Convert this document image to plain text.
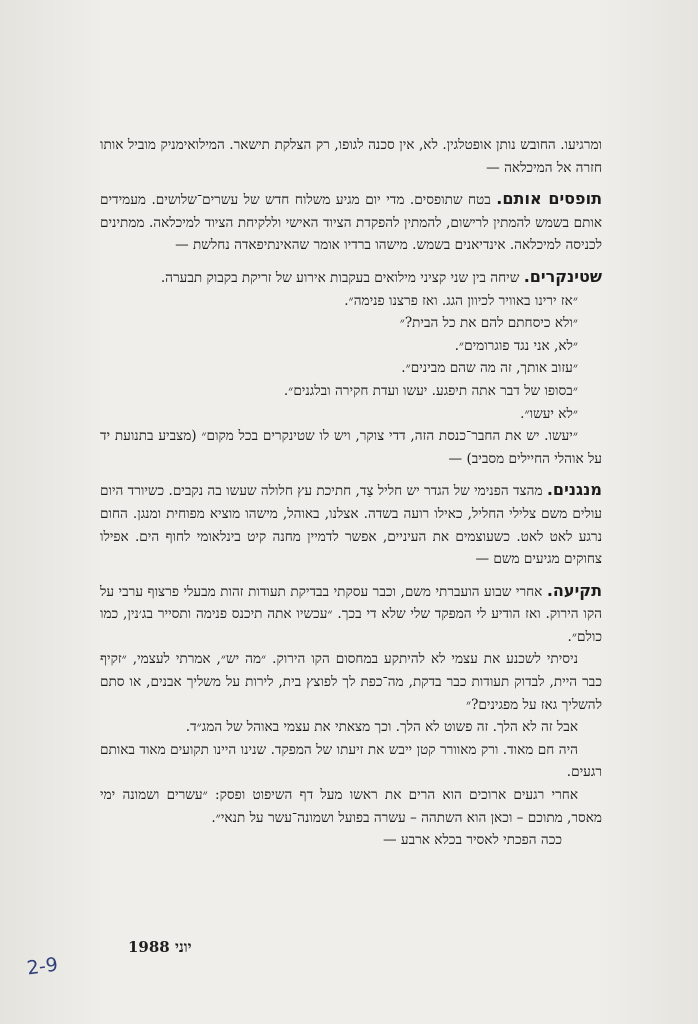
ומרגיעו. החובש נותן אופטלגין. לא, אין סכנה לגופו, רק הצלקת תישאר. המילואימניק מוביל אותו חזרה אל המיכלאה —

תופסים אותם. בטח שתופסים. מדי יום מגיע משלוח חדש של עשרים־שלושים. מעמידים אותם בשמש להמתין לרישום, להמתין להפקדת הציוד האישי וללקיחת הציוד למיכלאה. ממתינים לכניסה למיכלאה. אינדיאנים בשמש. מישהו ברדיו אומר שהאינתיפאדה נחלשת —

שטינקרים. שיחה בין שני קציני מילואים בעקבות אירוע של זריקת בקבוק תבערה.

״אז ירינו באוויר לכיוון הגג. ואז פרצנו פנימה״.

״ולא כיסחתם להם את כל הבית?״

״לא, אני נגד פוגרומים״.

״עזוב אותך, זה מה שהם מבינים״.

״בסופו של דבר אתה תיפגע. יעשו ועדת חקירה ובלגנים״.

״לא יעשו״.

״יעשו. יש את החבר־כנסת הזה, דדי צוקר, ויש לו שטינקרים בכל מקום״ (מצביע בתנועת יד על אוהלי החיילים מסביב) —

מנגנים. מהצד הפנימי של הגדר יש חליל צַד, חתיכת עץ חלולה שעשו בה נקבים. כשיורד היום עולים משם צלילי החליל, כאילו רועה בשדה. אצלנו, באוהל, מישהו מוציא מפוחית ומנגן. החום נרגע לאט לאט. כשעוצמים את העיניים, אפשר לדמיין מחנה קיט בינלאומי לחוף הים. אפילו צחוקים מגיעים משם —

תקיעה. אחרי שבוע הועברתי משם, וכבר עסקתי בבדיקת תעודות זהות מבעלי פרצוף ערבי על הקו הירוק. ואז הודיע לי המפקד שלי שלא די בכך. ״עכשיו אתה תיכנס פנימה ותסייר בג׳נין, כמו כולם״.

ניסיתי לשכנע את עצמי לא להיתקע במחסום הקו הירוק. ״מה יש״, אמרתי לעצמי, ״זקיף כבר היית, לבדוק תעודות כבר בדקת, מה־כפת לך לפוצץ בית, לירות על משליך אבנים, או סתם להשליך גאז על מפגינים?״

אבל זה לא הלך. זה פשוט לא הלך. וכך מצאתי את עצמי באוהל של המג״ד.

היה חם מאוד. ורק מאוורר קטן ייבש את זיעתו של המפקד. שנינו היינו תקועים מאוד באותם רגעים.

אחרי רגעים ארוכים הוא הרים את ראשו מעל דף השיפוט ופסק: ״עשרים ושמונה ימי מאסר, מתוכם – וכאן הוא השתהה – עשרה בפועל ושמונה־עשר על תנאי״.

ככה הפכתי לאסיר בכלא ארבע —

יוני 1988
2-9
